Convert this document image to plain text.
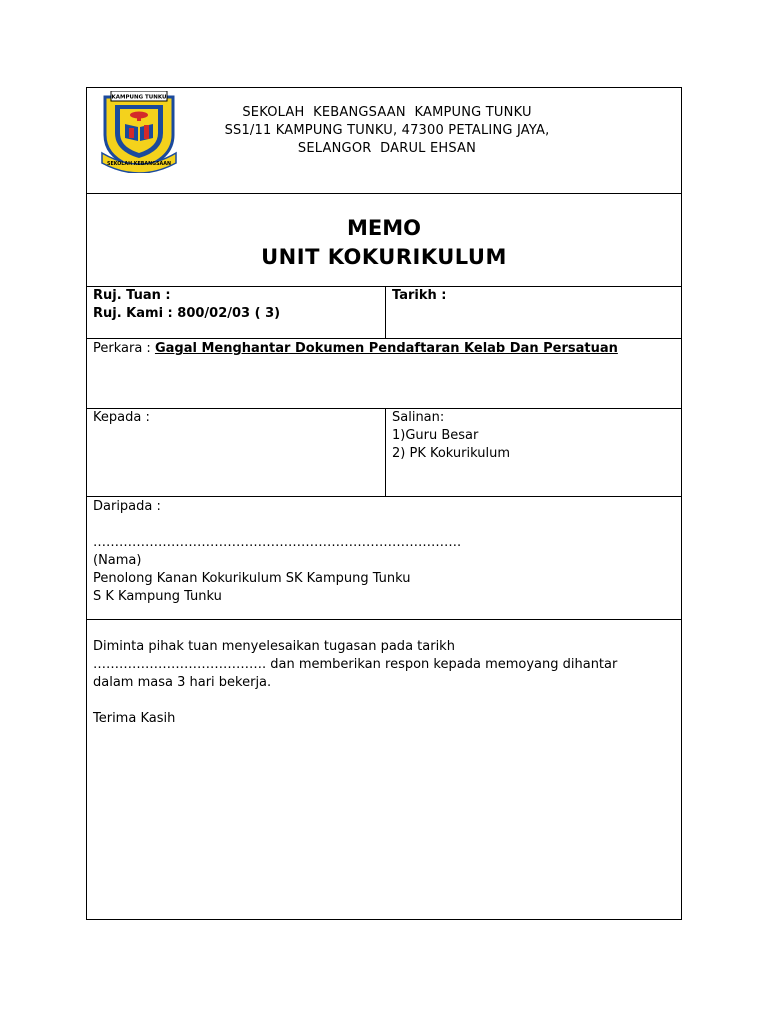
KAMPUNG TUNKU
SEKOLAH KEBANGSAAN
SEKOLAH  KEBANGSAAN  KAMPUNG TUNKU
SS1/11 KAMPUNG TUNKU, 47300 PETALING JAYA,
SELANGOR  DARUL EHSAN
MEMO
UNIT KOKURIKULUM
Ruj. Tuan :
Ruj. Kami : 800/02/03 ( 3)
Tarikh :
Perkara : Gagal Menghantar Dokumen Pendaftaran Kelab Dan Persatuan
Kepada :	Salinan:
1)Guru Besar
2) PK Kokurikulum
Daripada :
………………………………………………………………………….
(Nama)
Penolong Kanan Kokurikulum SK Kampung Tunku
S K Kampung Tunku
Diminta pihak tuan menyelesaikan tugasan pada tarikh
…………………………………. dan memberikan respon kepada memoyang dihantar
dalam masa 3 hari bekerja.
Terima Kasih
